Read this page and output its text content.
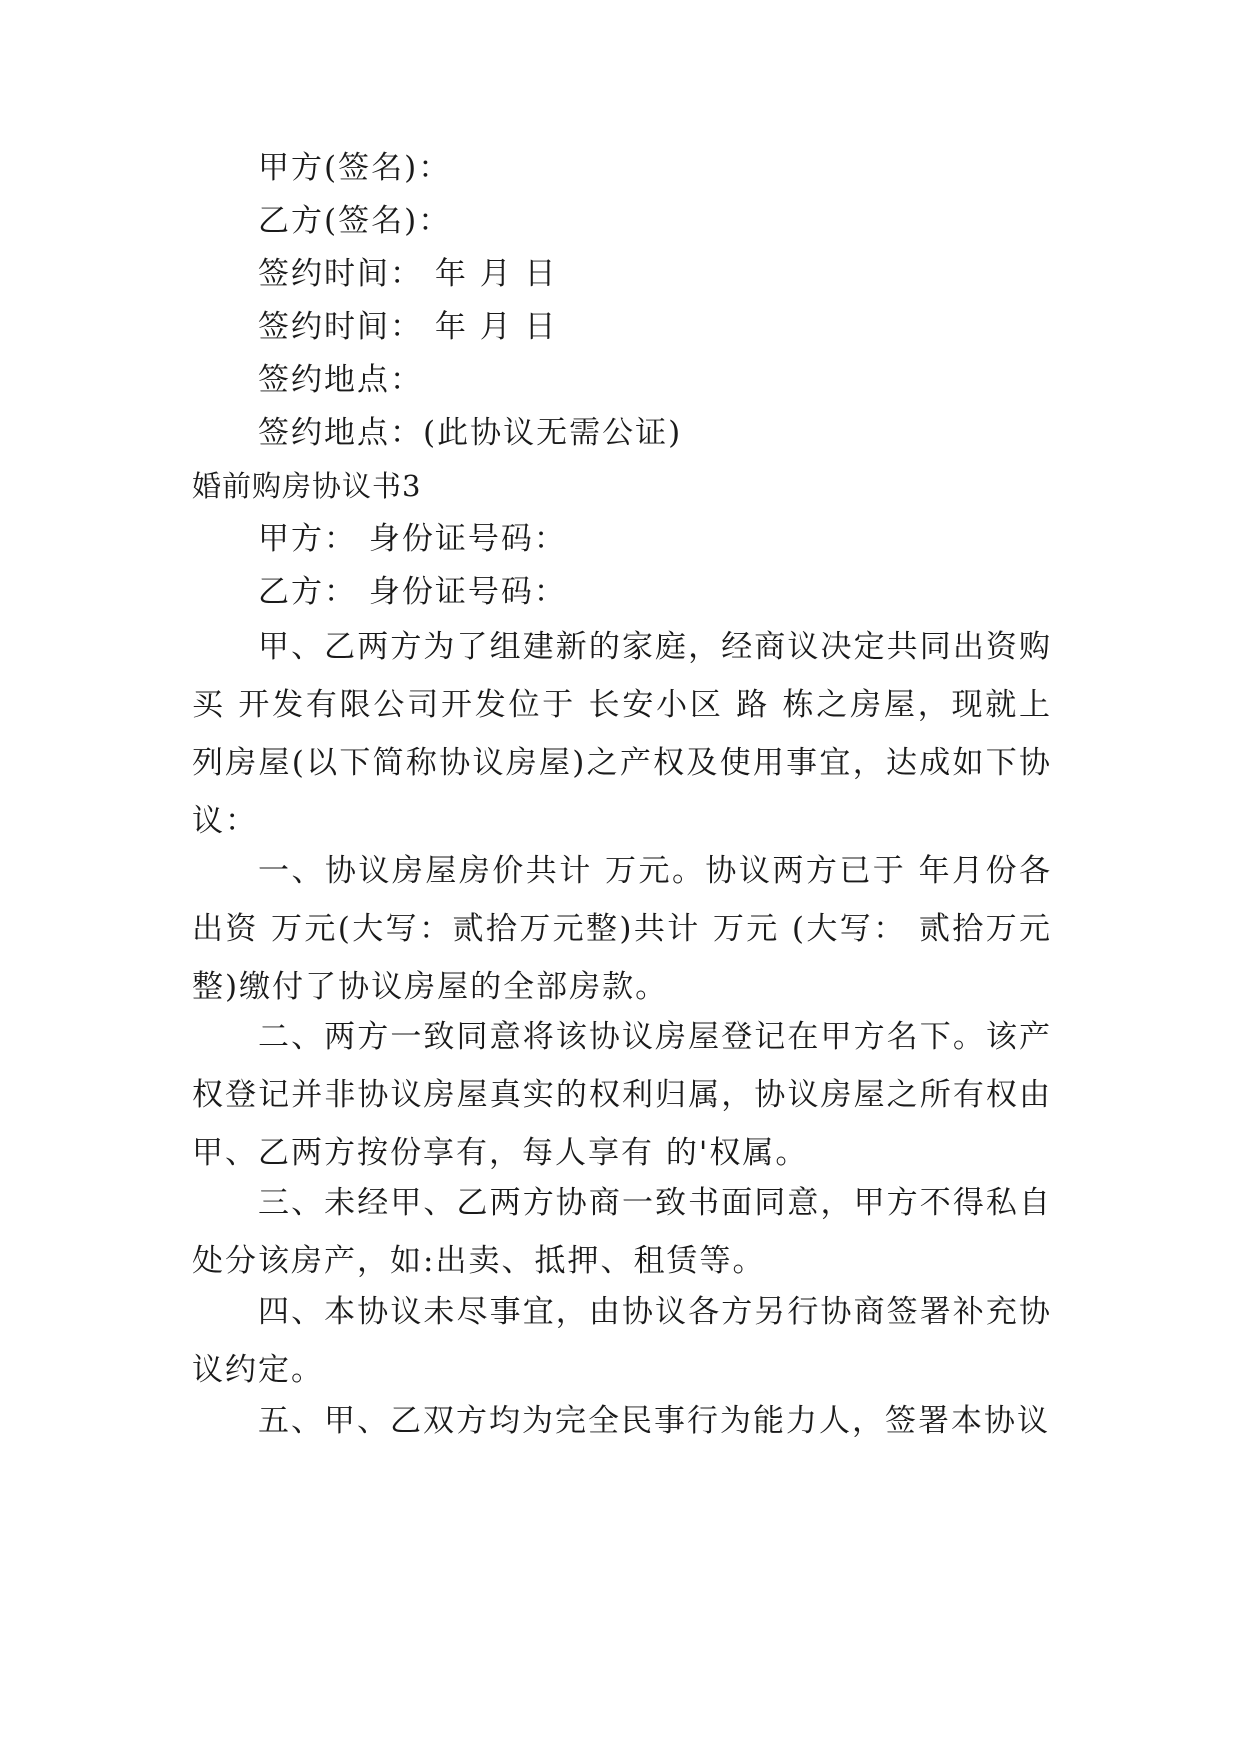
甲方(签名)：
乙方(签名)：
签约时间： 年 月 日
签约时间： 年 月 日
签约地点：
签约地点：(此协议无需公证)
婚前购房协议书3
甲方： 身份证号码：
乙方： 身份证号码：
甲、乙两方为了组建新的家庭，经商议决定共同出资购买 开发有限公司开发位于 长安小区 路 栋之房屋，现就上列房屋(以下简称协议房屋)之产权及使用事宜，达成如下协议：
一、协议房屋房价共计 万元。协议两方已于 年月份各出资 万元(大写：贰拾万元整)共计 万元 (大写： 贰拾万元整)缴付了协议房屋的全部房款。
二、两方一致同意将该协议房屋登记在甲方名下。该产权登记并非协议房屋真实的权利归属，协议房屋之所有权由甲、乙两方按份享有，每人享有 的'权属。
三、未经甲、乙两方协商一致书面同意，甲方不得私自处分该房产，如:出卖、抵押、租赁等。
四、本协议未尽事宜，由协议各方另行协商签署补充协议约定。
五、甲、乙双方均为完全民事行为能力人，签署本协议
